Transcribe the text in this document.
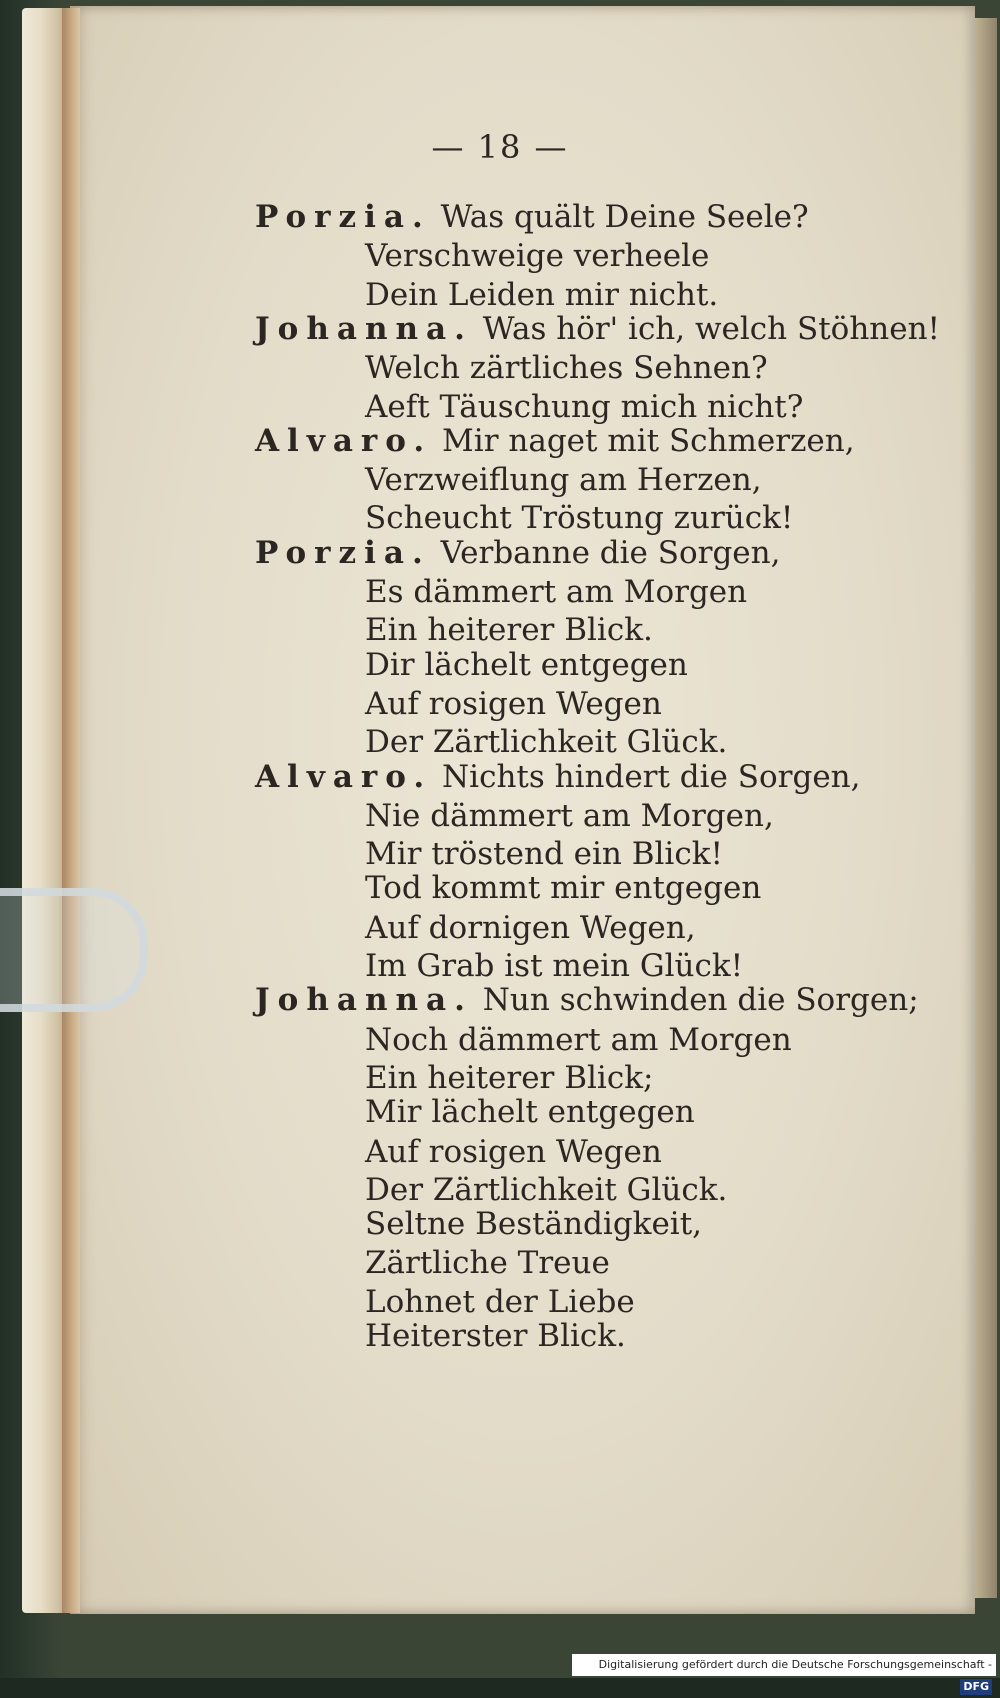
— 18 —
Porzia. Was quält Deine Seele?
Verschweige verheele
Dein Leiden mir nicht.
Johanna. Was hör' ich, welch Stöhnen!
Welch zärtliches Sehnen?
Aeft Täuschung mich nicht?
Alvaro. Mir naget mit Schmerzen,
Verzweiflung am Herzen,
Scheucht Tröstung zurück!
Porzia. Verbanne die Sorgen,
Es dämmert am Morgen
Ein heiterer Blick.
Dir lächelt entgegen
Auf rosigen Wegen
Der Zärtlichkeit Glück.
Alvaro. Nichts hindert die Sorgen,
Nie dämmert am Morgen,
Mir tröstend ein Blick!
Tod kommt mir entgegen
Auf dornigen Wegen,
Im Grab ist mein Glück!
Johanna. Nun schwinden die Sorgen;
Noch dämmert am Morgen
Ein heiterer Blick;
Mir lächelt entgegen
Auf rosigen Wegen
Der Zärtlichkeit Glück.
Seltne Beständigkeit,
Zärtliche Treue
Lohnet der Liebe
Heiterster Blick.
Digitalisierung gefördert durch die Deutsche Forschungsgemeinschaft -DFG
